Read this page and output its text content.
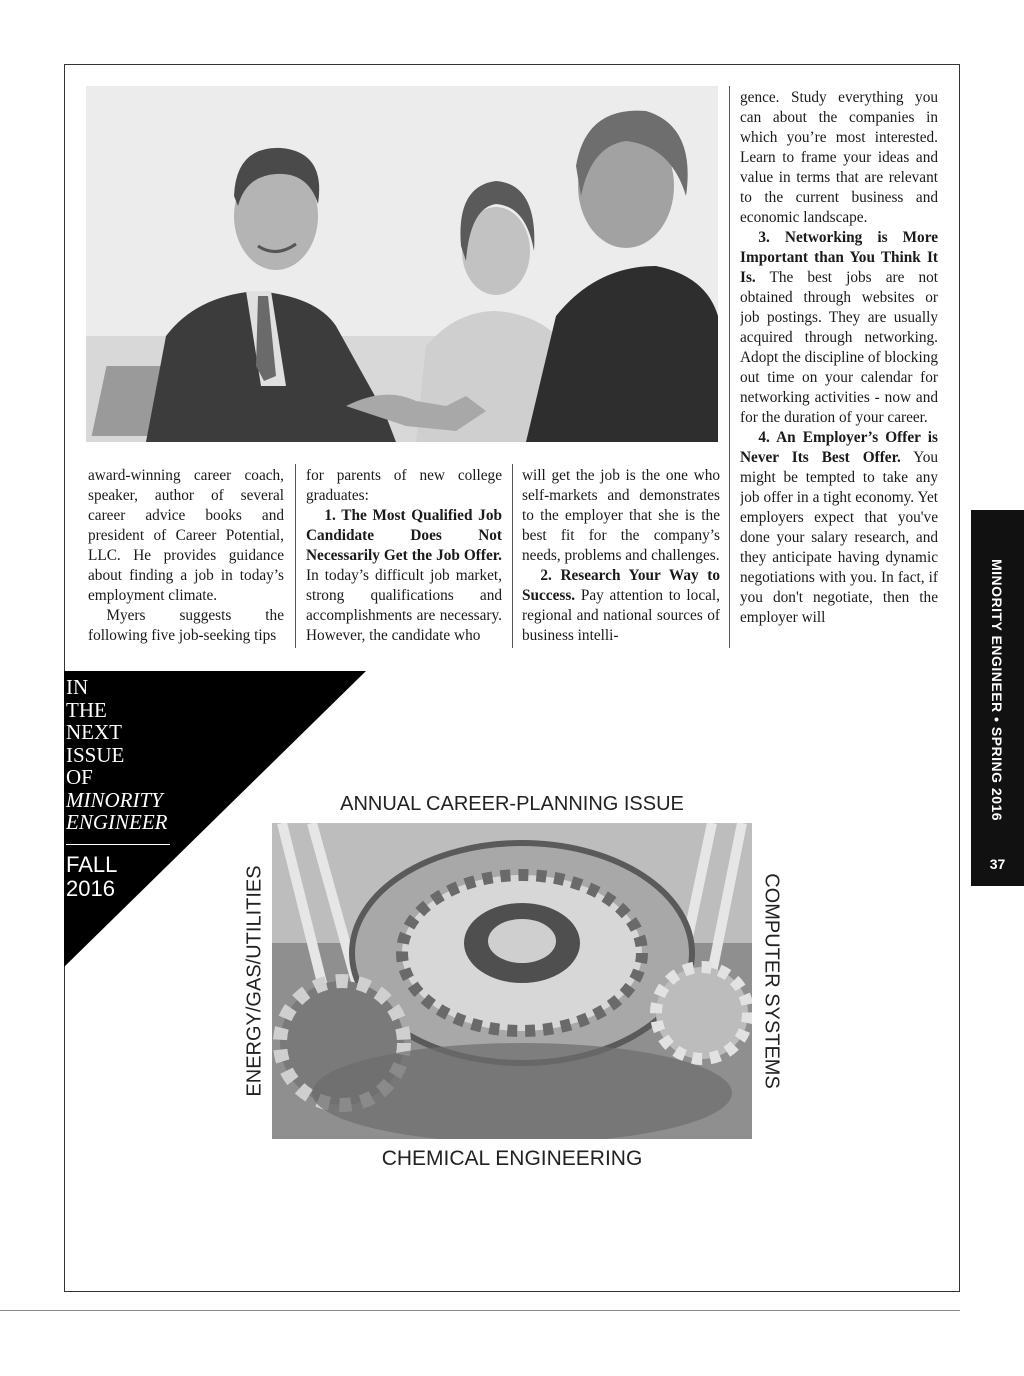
award-winning career coach, speaker, author of several career advice books and president of Career Potential, LLC. He provides guidance about finding a job in today’s employment climate.

Myers suggests the following five job-seeking tips

for parents of new college graduates:

1. The Most Qualified Job Candidate Does Not Necessarily Get the Job Offer. In today’s difficult job market, strong qualifications and accomplishments are necessary. However, the candidate who

will get the job is the one who self-markets and demonstrates to the employer that she is the best fit for the company’s needs, problems and challenges.

2. Research Your Way to Success. Pay attention to local, regional and national sources of business intelli-

gence. Study everything you can about the companies in which you’re most interested. Learn to frame your ideas and value in terms that are relevant to the current business and economic landscape.

3. Networking is More Important than You Think It Is. The best jobs are not obtained through websites or job postings. They are usually acquired through networking. Adopt the discipline of blocking out time on your calendar for networking activities - now and for the duration of your career.

4. An Employer’s Offer is Never Its Best Offer. You might be tempted to take any job offer in a tight economy. Yet employers expect that you've done your salary research, and they anticipate having dynamic negotiations with you. In fact, if you don't negotiate, then the employer will

IN
THE
NEXT
ISSUE
OF
MINORITY
ENGINEER
FALL
2016
ANNUAL CAREER-PLANNING ISSUE
CHEMICAL ENGINEERING
ENERGY/GAS/UTILITIES	COMPUTER SYSTEMS
MINORITY ENGINEER • SPRING 2016
37
